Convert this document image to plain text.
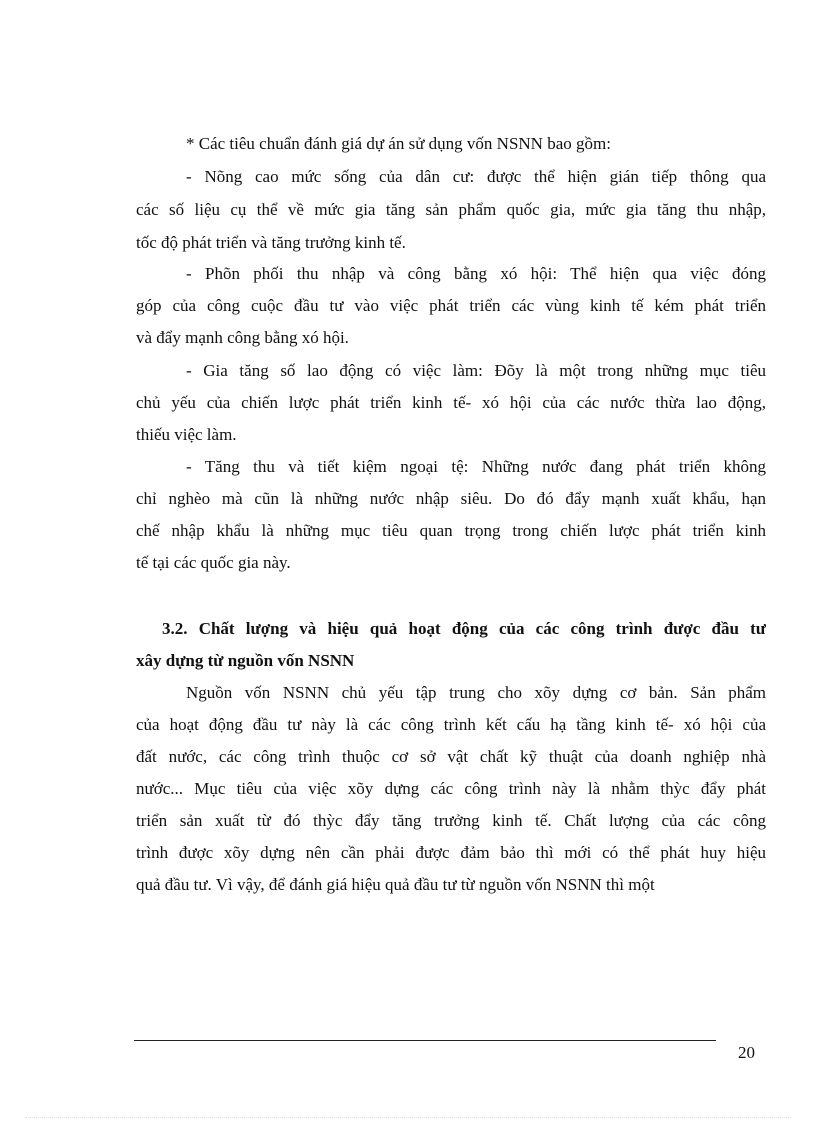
* Các tiêu chuẩn đánh giá dự án sử dụng vốn NSNN bao gồm:
- Nõng cao mức sống của dân cư: được thể hiện gián tiếp thông qua
các số liệu cụ thể về mức gia tăng sản phẩm quốc gia, mức gia tăng thu nhập,
tốc độ phát triển và tăng trưởng kinh tế.
- Phõn phối thu nhập và công bằng xó hội: Thể hiện qua việc đóng
góp của công cuộc đầu tư vào việc phát triển các vùng kinh tế kém phát triển
và đẩy mạnh công bằng xó hội.
- Gia tăng số lao động có việc làm: Đõy là một trong những mục tiêu
chủ yếu của chiến lược phát triển kinh tế- xó hội của các nước thừa lao động,
thiếu việc làm.
- Tăng thu và tiết kiệm ngoại tệ: Những nước đang phát triển không
chỉ nghèo mà cũn là những nước nhập siêu. Do đó đẩy mạnh xuất khẩu, hạn
chế nhập khẩu là những mục tiêu quan trọng trong chiến lược phát triển kinh
tế tại các quốc gia này.
3.2. Chất lượng và hiệu quả hoạt động của các công trình được đầu tư
xây dựng từ nguồn vốn NSNN
Nguồn vốn NSNN chủ yếu tập trung cho xõy dựng cơ bản. Sản phẩm
của hoạt động đầu tư này là các công trình kết cấu hạ tầng kinh tế- xó hội của
đất nước, các công trình thuộc cơ sở vật chất kỹ thuật của doanh nghiệp nhà
nước... Mục tiêu của việc xõy dựng các công trình này là nhằm thỳc đẩy phát
triển sản xuất từ đó thỳc đẩy tăng trưởng kinh tế. Chất lượng của các công
trình được xõy dựng nên cần phải được đảm bảo thì mới có thể phát huy hiệu
quả đầu tư. Vì vậy, để đánh giá hiệu quả đầu tư từ nguồn vốn NSNN thì một
20
